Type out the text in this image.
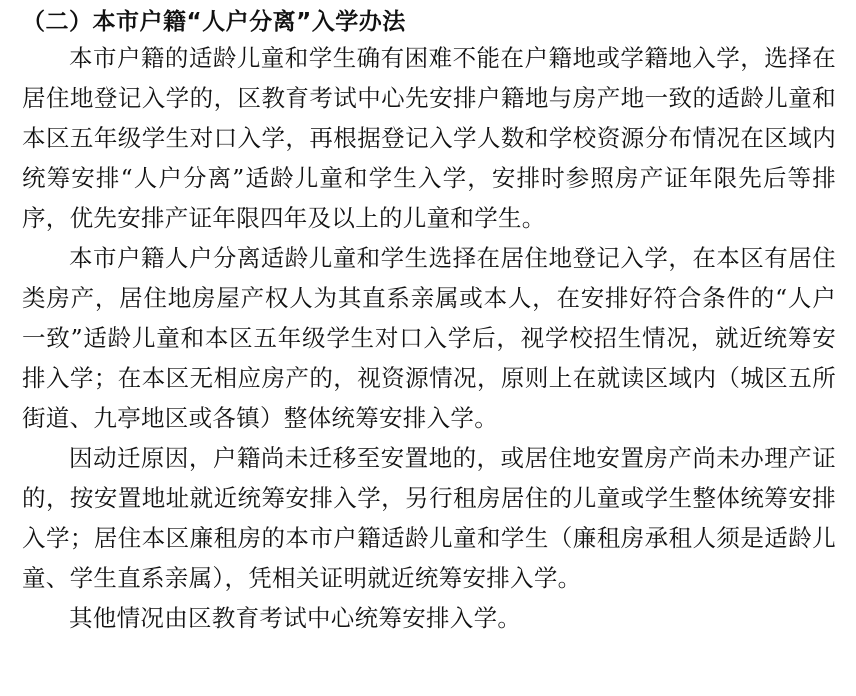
（二）本市户籍“人户分离”入学办法

本市户籍的适龄儿童和学生确有困难不能在户籍地或学籍地入学，选择在居住地登记入学的，区教育考试中心先安排户籍地与房产地一致的适龄儿童和本区五年级学生对口入学，再根据登记入学人数和学校资源分布情况在区域内统筹安排“人户分离”适龄儿童和学生入学，安排时参照房产证年限先后等排序，优先安排产证年限四年及以上的儿童和学生。

本市户籍人户分离适龄儿童和学生选择在居住地登记入学，在本区有居住类房产，居住地房屋产权人为其直系亲属或本人，在安排好符合条件的“人户一致”适龄儿童和本区五年级学生对口入学后，视学校招生情况，就近统筹安排入学；在本区无相应房产的，视资源情况，原则上在就读区域内（城区五所街道、九亭地区或各镇）整体统筹安排入学。

因动迁原因，户籍尚未迁移至安置地的，或居住地安置房产尚未办理产证的，按安置地址就近统筹安排入学，另行租房居住的儿童或学生整体统筹安排入学；居住本区廉租房的本市户籍适龄儿童和学生（廉租房承租人须是适龄儿童、学生直系亲属），凭相关证明就近统筹安排入学。

其他情况由区教育考试中心统筹安排入学。
